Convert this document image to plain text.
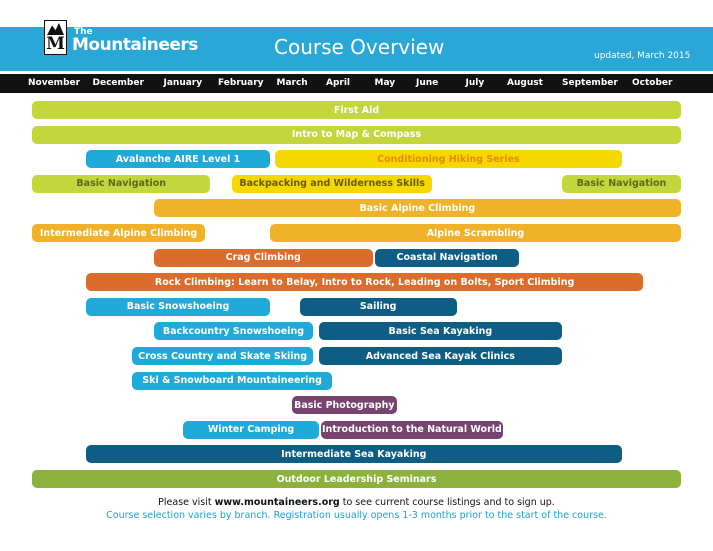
M
The
Mountaineers	Course Overview	updated, March 2015
November December January February March April	May June	July	August September October
First Aid
Intro to Map & Compass
Avalanche AIRE Level 1	Conditioning Hiking Series
Basic Navigation	Backpacking and Wilderness Skills	Basic Navigation
Basic Alpine Climbing
Intermediate Alpine Climbing	Alpine Scrambling
Crag Climbing	Coastal Navigation
Rock Climbing: Learn to Belay, Intro to Rock, Leading on Bolts, Sport Climbing
Basic Snowshoeing	Sailing
Backcountry Snowshoeing	Basic Sea Kayaking
Cross Country and Skate Skiing	Advanced Sea Kayak Clinics
Ski & Snowboard Mountaineering
Basic Photography
Winter Camping	Introduction to the Natural World
Intermediate Sea Kayaking
Outdoor Leadership Seminars
Please visit www.mountaineers.org to see current course listings and to sign up.
Course selection varies by branch. Registration usually opens 1-3 months prior to the start of the course.
